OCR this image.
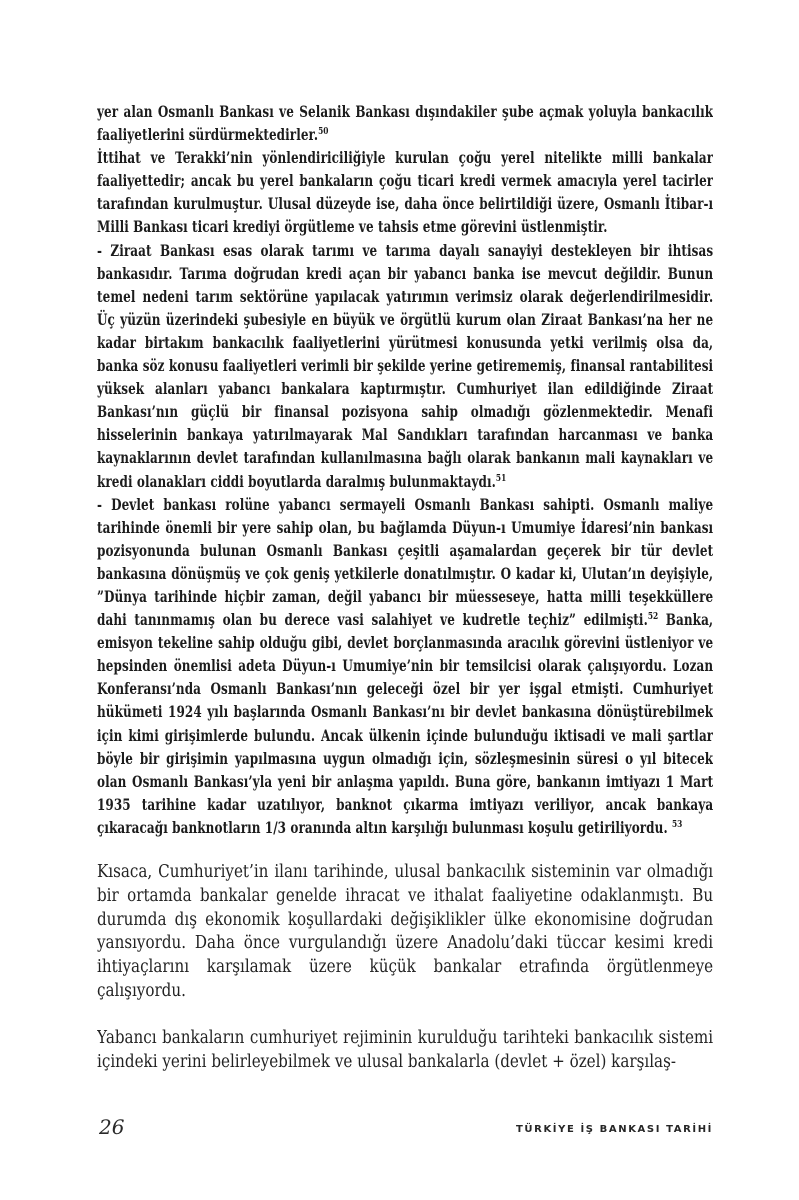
yer alan Osmanlı Bankası ve Selanik Bankası dışındakiler şube açmak yoluyla bankacılık faaliyetlerini sürdürmektedirler.$^{50}$

İttihat ve Terakki’nin yönlendiriciliğiyle kurulan çoğu yerel nitelikte milli bankalar faaliyettedir; ancak bu yerel bankaların çoğu ticari kredi vermek amacıyla yerel tacirler tarafından kurulmuştur. Ulusal düzeyde ise, daha önce belirtildiği üzere, Osmanlı İtibar-ı Milli Bankası ticari krediyi örgütleme ve tahsis etme görevini üstlenmiştir.

- Ziraat Bankası esas olarak tarımı ve tarıma dayalı sanayiyi destekleyen bir ihtisas bankasıdır. Tarıma doğrudan kredi açan bir yabancı banka ise mevcut değildir. Bunun temel nedeni tarım sektörüne yapılacak yatırımın verimsiz olarak değerlendirilmesidir. Üç yüzün üzerindeki şubesiyle en büyük ve örgütlü kurum olan Ziraat Bankası’na her ne kadar birtakım bankacılık faaliyetlerini yürütmesi konusunda yetki verilmiş olsa da, banka söz konusu faaliyetleri verimli bir şekilde yerine getirememiş, finansal rantabilitesi yüksek alanları yabancı bankalara kaptırmıştır. Cumhuriyet ilan edildiğinde Ziraat Bankası’nın güçlü bir finansal pozisyona sahip olmadığı gözlenmektedir. Menafi hisselerinin bankaya yatırılmayarak Mal Sandıkları tarafından harcanması ve banka kaynaklarının devlet tarafından kullanılmasına bağlı olarak bankanın mali kaynakları ve kredi olanakları ciddi boyutlarda daralmış bulunmaktaydı.$^{51}$

- Devlet bankası rolüne yabancı sermayeli Osmanlı Bankası sahipti. Osmanlı maliye tarihinde önemli bir yere sahip olan, bu bağlamda Düyun-ı Umumiye İdaresi’nin bankası pozisyonunda bulunan Osmanlı Bankası çeşitli aşamalardan geçerek bir tür devlet bankasına dönüşmüş ve çok geniş yetkilerle donatılmıştır. O kadar ki, Ulutan’ın deyişiyle, ”Dünya tarihinde hiçbir zaman, değil yabancı bir müesseseye, hatta milli teşekküllere dahi tanınmamış olan bu derece vasi salahiyet ve kudretle teçhiz” edilmişti.$^{52}$ Banka, emisyon tekeline sahip olduğu gibi, devlet borçlanmasında aracılık görevini üstleniyor ve hepsinden önemlisi adeta Düyun-ı Umumiye’nin bir temsilcisi olarak çalışıyordu. Lozan Konferansı’nda Osmanlı Bankası’nın geleceği özel bir yer işgal etmişti. Cumhuriyet hükümeti 1924 yılı başlarında Osmanlı Bankası’nı bir devlet bankasına dönüştürebilmek için kimi girişimlerde bulundu. Ancak ülkenin içinde bulunduğu iktisadi ve mali şartlar böyle bir girişimin yapılmasına uygun olmadığı için, sözleşmesinin süresi o yıl bitecek olan Osmanlı Bankası’yla yeni bir anlaşma yapıldı. Buna göre, bankanın imtiyazı 1 Mart 1935 tarihine kadar uzatılıyor, banknot çıkarma imtiyazı veriliyor, ancak bankaya çıkaracağı banknotların 1/3 oranında altın karşılığı bulunması koşulu getiriliyordu. $^{53}$

Kısaca, Cumhuriyet’in ilanı tarihinde, ulusal bankacılık sisteminin var olmadığı bir ortamda bankalar genelde ihracat ve ithalat faaliyetine odaklanmıştı. Bu durumda dış ekonomik koşullardaki değişiklikler ülke ekonomisine doğrudan yansıyordu. Daha önce vurgulandığı üzere Anadolu’daki tüccar kesimi kredi ihtiyaçlarını karşılamak üzere küçük bankalar etrafında örgütlenmeye çalışıyordu.

Yabancı bankaların cumhuriyet rejiminin kurulduğu tarihteki bankacılık sistemi içindeki yerini belirleyebilmek ve ulusal bankalarla (devlet + özel) karşılaş-

26	TÜRKİYE İŞ BANKASI TARİHİ
